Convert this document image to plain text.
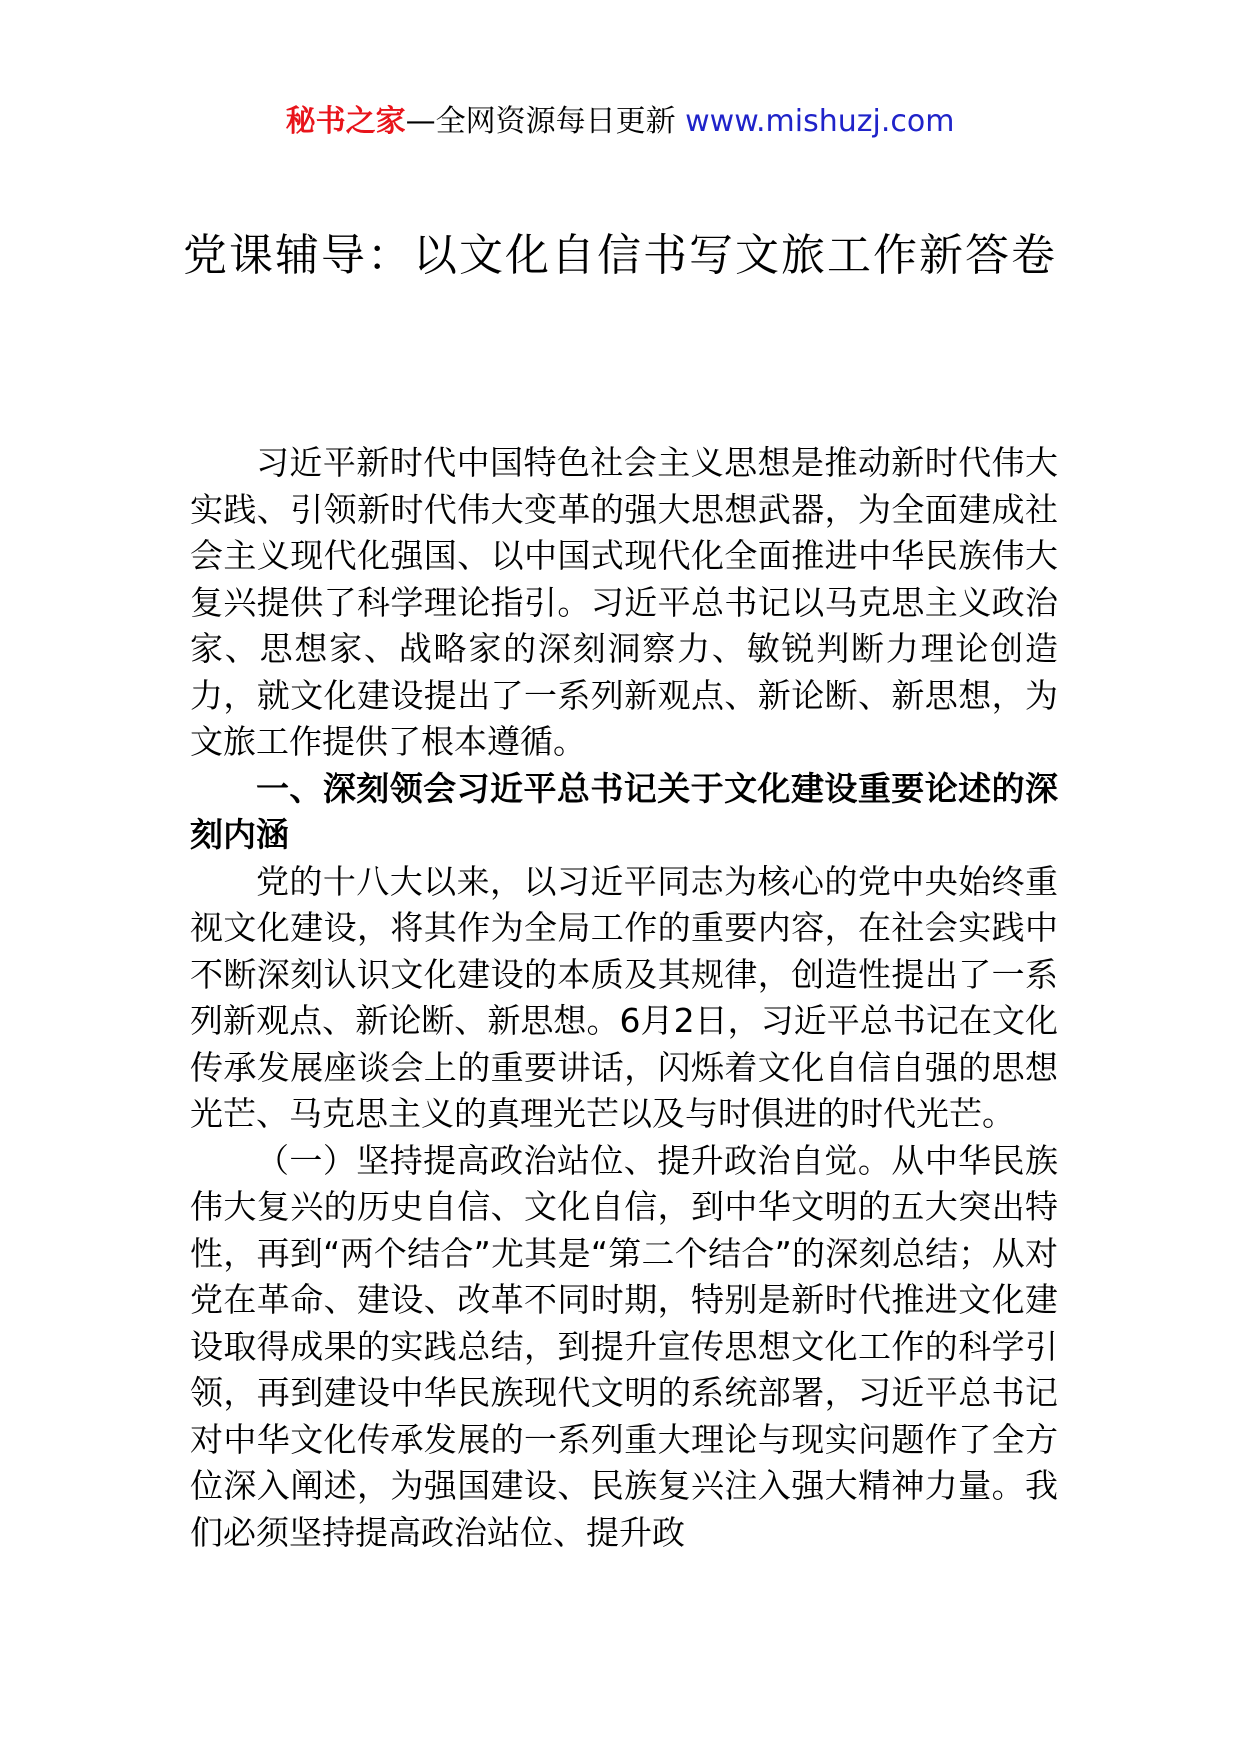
秘书之家—全网资源每日更新 www.mishuzj.com
党课辅导：以文化自信书写文旅工作新答卷

习近平新时代中国特色社会主义思想是推动新时代伟大实践、引领新时代伟大变革的强大思想武器，为全面建成社会主义现代化强国、以中国式现代化全面推进中华民族伟大复兴提供了科学理论指引。习近平总书记以马克思主义政治家、思想家、战略家的深刻洞察力、敏锐判断力理论创造力，就文化建设提出了一系列新观点、新论断、新思想，为文旅工作提供了根本遵循。

一、深刻领会习近平总书记关于文化建设重要论述的深刻内涵

党的十八大以来，以习近平同志为核心的党中央始终重视文化建设，将其作为全局工作的重要内容，在社会实践中不断深刻认识文化建设的本质及其规律，创造性提出了一系列新观点、新论断、新思想。6月2日，习近平总书记在文化传承发展座谈会上的重要讲话，闪烁着文化自信自强的思想光芒、马克思主义的真理光芒以及与时俱进的时代光芒。

（一）坚持提高政治站位、提升政治自觉。从中华民族伟大复兴的历史自信、文化自信，到中华文明的五大突出特性，再到“两个结合”尤其是“第二个结合”的深刻总结；从对党在革命、建设、改革不同时期，特别是新时代推进文化建设取得成果的实践总结，到提升宣传思想文化工作的科学引领，再到建设中华民族现代文明的系统部署，习近平总书记对中华文化传承发展的一系列重大理论与现实问题作了全方位深入阐述，为强国建设、民族复兴注入强大精神力量。我们必须坚持提高政治站位、提升政
